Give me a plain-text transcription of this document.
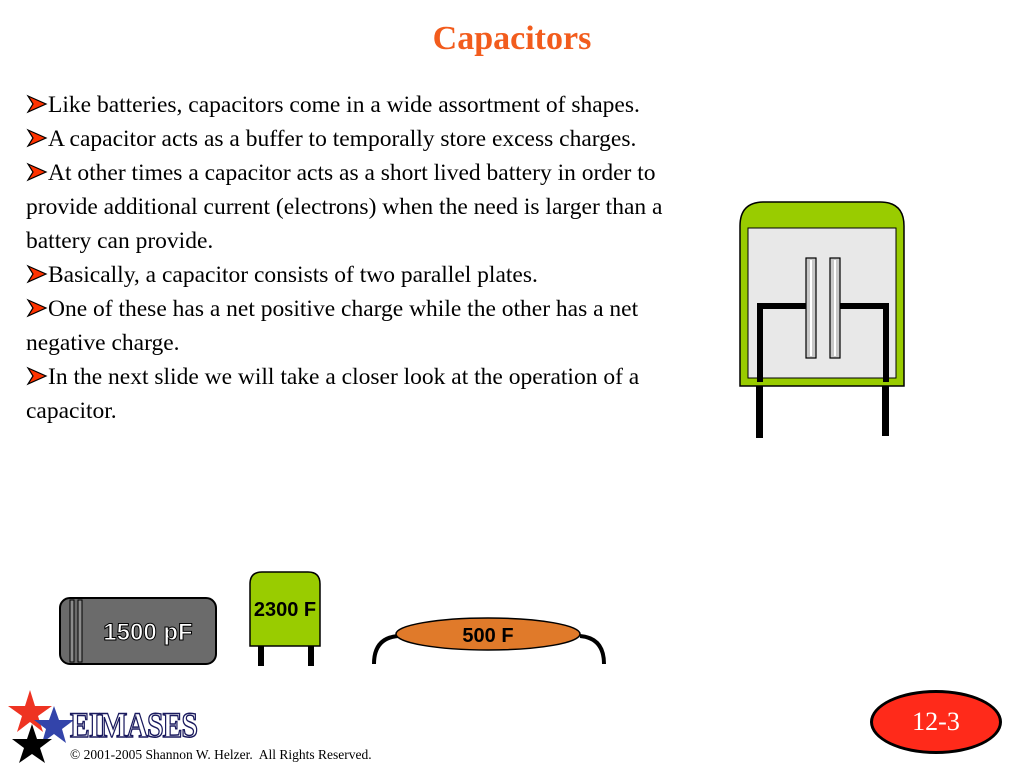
Capacitors
Like batteries, capacitors come in a wide assortment of shapes.
A capacitor acts as a buffer to temporally store excess charges.
At other times a capacitor acts as a short lived battery in order to provide additional current (electrons) when the need is larger than a battery can provide.
Basically, a capacitor consists of two parallel plates.
One of these has a net positive charge while the other has a net negative charge.
In the next slide we will take a closer look at the operation of a capacitor.
1500 pF
2300 F
500 F
EIMASES
© 2001-2005 Shannon W. Helzer.  All Rights Reserved.
12-3
